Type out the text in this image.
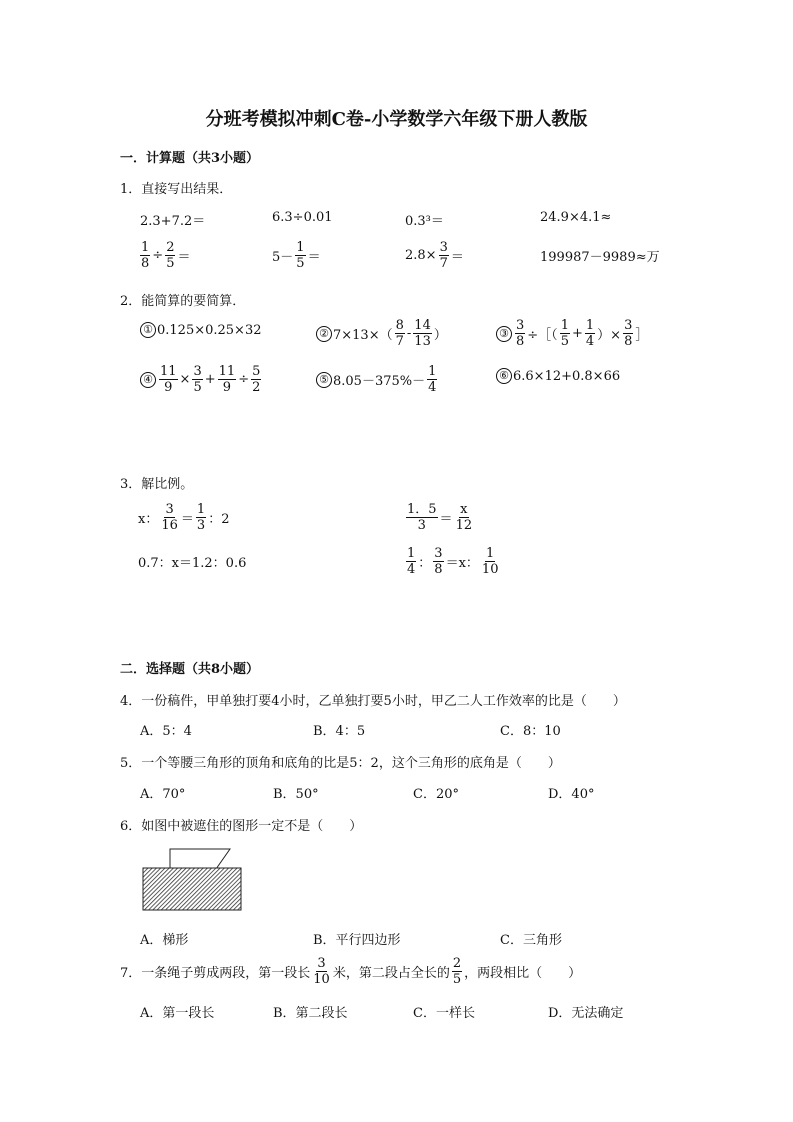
分班考模拟冲刺C卷-小学数学六年级下册人教版
一．计算题（共3小题）
1．直接写出结果．
2.3+7.2＝	6.3÷0.01	0.3³＝	24.9×4.1≈
$\frac{1}{8} \div \frac{2}{5}$ ＝	$5- \frac{1}{5}$ ＝	$2.8\times \frac{3}{7}$ ＝	199987－9989≈万
2．能简算的要简算．
① 0.125×0.25×32	② $7\times 13\times( \frac{8}{7} - \frac{14}{13}$ ）	③ $\frac{3}{8}$ ÷［（ $\frac{1}{5} + \frac{1}{4}$ ）× $\frac{3}{8}$ ］
④ $\frac{11}{9} \times \frac{3}{5} + \frac{11}{9} \div \frac{5}{2}$	⑤ $8.05-375\%- \frac{1}{4}$	⑥ 6.6×12+0.8×66
3．解比例。
x： $\frac{3}{16} = \frac{1}{3}$ ：2	$\frac{1.5}{3} = \frac{x}{12}$
0.7：x＝1.2：0.6	$\frac{1}{4}$ ： $\frac{3}{8} =x$： $\frac{1}{10}$
二．选择题（共8小题）
4．一份稿件，甲单独打要4小时，乙单独打要5小时，甲乙二人工作效率的比是（　　）
A．5：4	B．4：5	C．8：10
5．一个等腰三角形的顶角和底角的比是5：2，这个三角形的底角是（　　）
A．70°	B．50°	C．20°	D．40°
6．如图中被遮住的图形一定不是（　　）
A．梯形	B．平行四边形	C．三角形
7．一条绳子剪成两段，第一段长 $\frac{3}{10}$ 米，第二段占全长的 $\frac{2}{5}$ ，两段相比（　　）
A．第一段长	B．第二段长	C．一样长	D．无法确定
